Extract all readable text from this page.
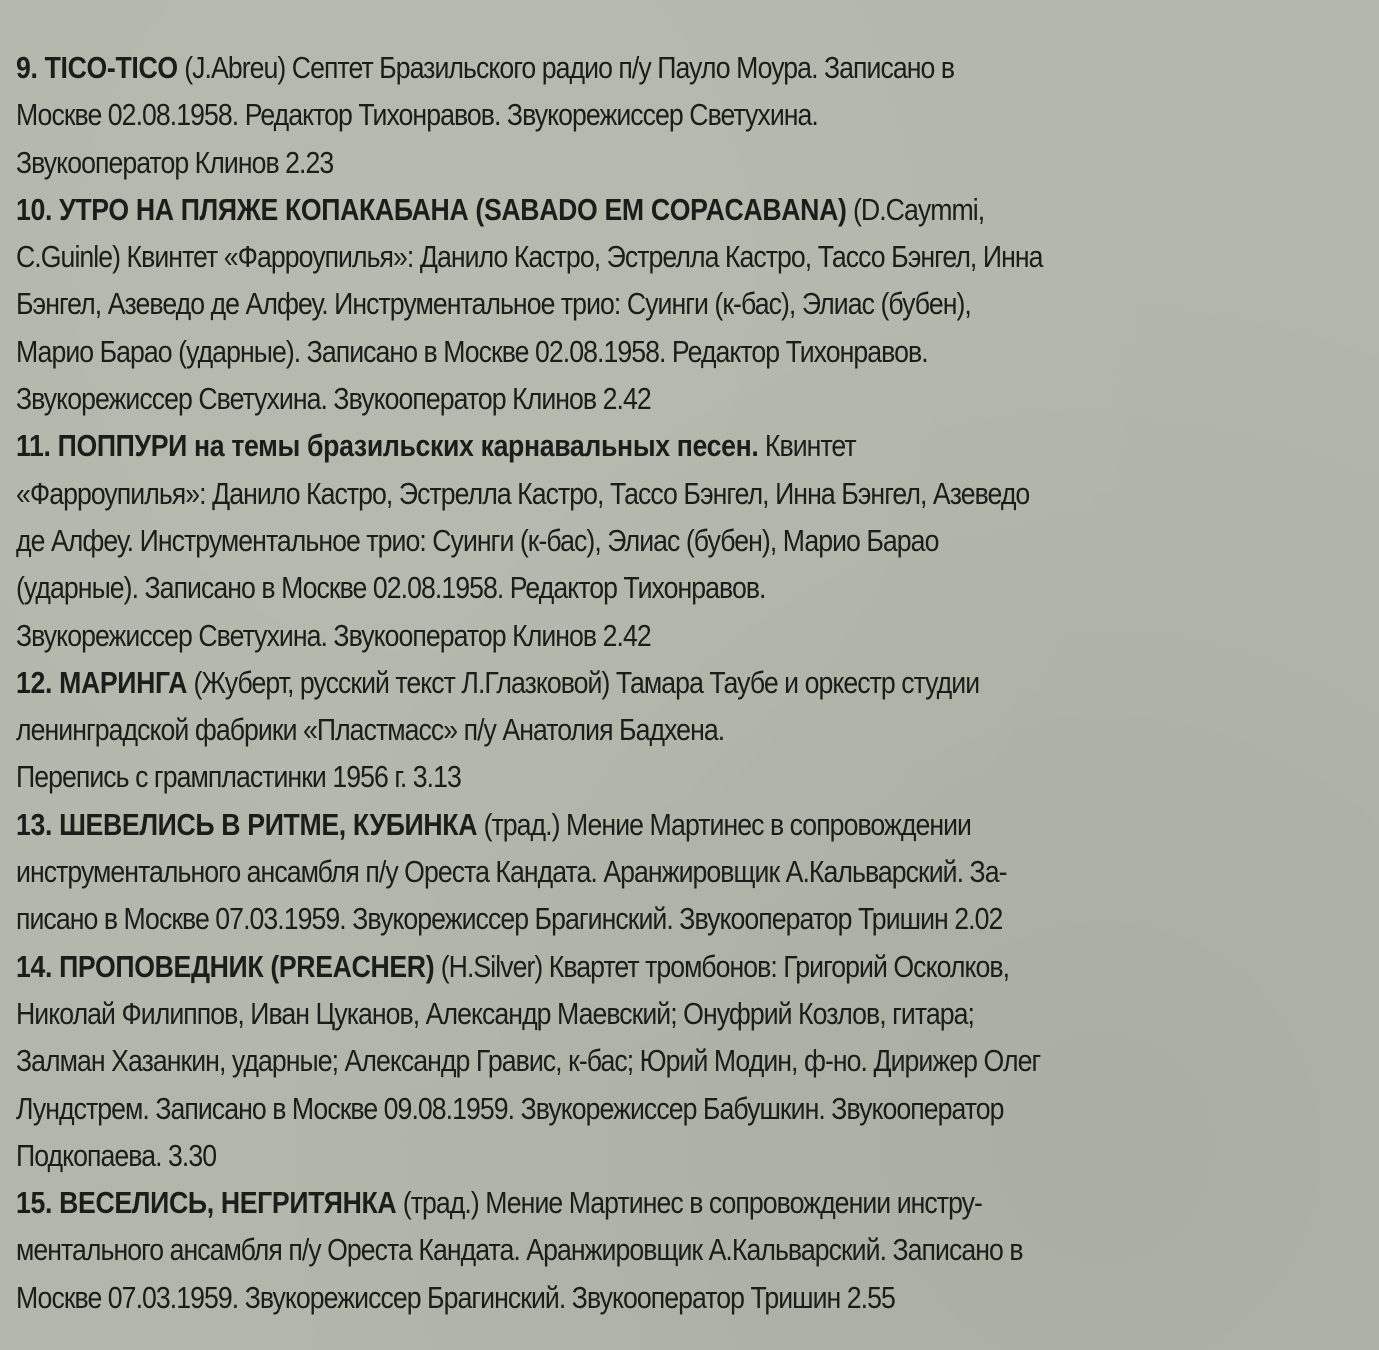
9. TICO-TICO (J.Abreu) Септет Бразильского радио п/у Пауло Моура. Записано в
Москве 02.08.1958. Редактор Тихонравов. Звукорежиссер Светухина.
Звукооператор Клинов 2.23
10. УТРО НА ПЛЯЖЕ КОПАКАБАНА (SABADO EM COPACABANA) (D.Caymmi,
C.Guinle) Квинтет «Фарроупилья»: Данило Кастро, Эстрелла Кастро, Тассо Бэнгел, Инна
Бэнгел, Азеведо де Алфеу. Инструментальное трио: Суинги (к-бас), Элиас (бубен),
Марио Барао (ударные). Записано в Москве 02.08.1958. Редактор Тихонравов.
Звукорежиссер Светухина. Звукооператор Клинов 2.42
11. ПОППУРИ на темы бразильских карнавальных песен. Квинтет
«Фарроупилья»: Данило Кастро, Эстрелла Кастро, Тассо Бэнгел, Инна Бэнгел, Азеведо
де Алфеу. Инструментальное трио: Суинги (к-бас), Элиас (бубен), Марио Барао
(ударные). Записано в Москве 02.08.1958. Редактор Тихонравов.
Звукорежиссер Светухина. Звукооператор Клинов 2.42
12. МАРИНГА (Жуберт, русский текст Л.Глазковой) Тамара Таубе и оркестр студии
ленинградской фабрики «Пластмасс» п/у Анатолия Бадхена.
Перепись с грампластинки 1956 г. 3.13
13. ШЕВЕЛИСЬ В РИТМЕ, КУБИНКА (трад.) Мение Мартинес в сопровождении
инструментального ансамбля п/у Ореста Кандата. Аранжировщик А.Кальварский. За-
писано в Москве 07.03.1959. Звукорежиссер Брагинский. Звукооператор Тришин 2.02
14. ПРОПОВЕДНИК (PREACHER) (H.Silver) Квартет тромбонов: Григорий Осколков,
Николай Филиппов, Иван Цуканов, Александр Маевский; Онуфрий Козлов, гитара;
Залман Хазанкин, ударные; Александр Гравис, к-бас; Юрий Модин, ф-но. Дирижер Олег
Лундстрем. Записано в Москве 09.08.1959. Звукорежиссер Бабушкин. Звукооператор
Подкопаева. 3.30
15. ВЕСЕЛИСЬ, НЕГРИТЯНКА (трад.) Мение Мартинес в сопровождении инстру-
ментального ансамбля п/у Ореста Кандата. Аранжировщик А.Кальварский. Записано в
Москве 07.03.1959. Звукорежиссер Брагинский. Звукооператор Тришин 2.55
